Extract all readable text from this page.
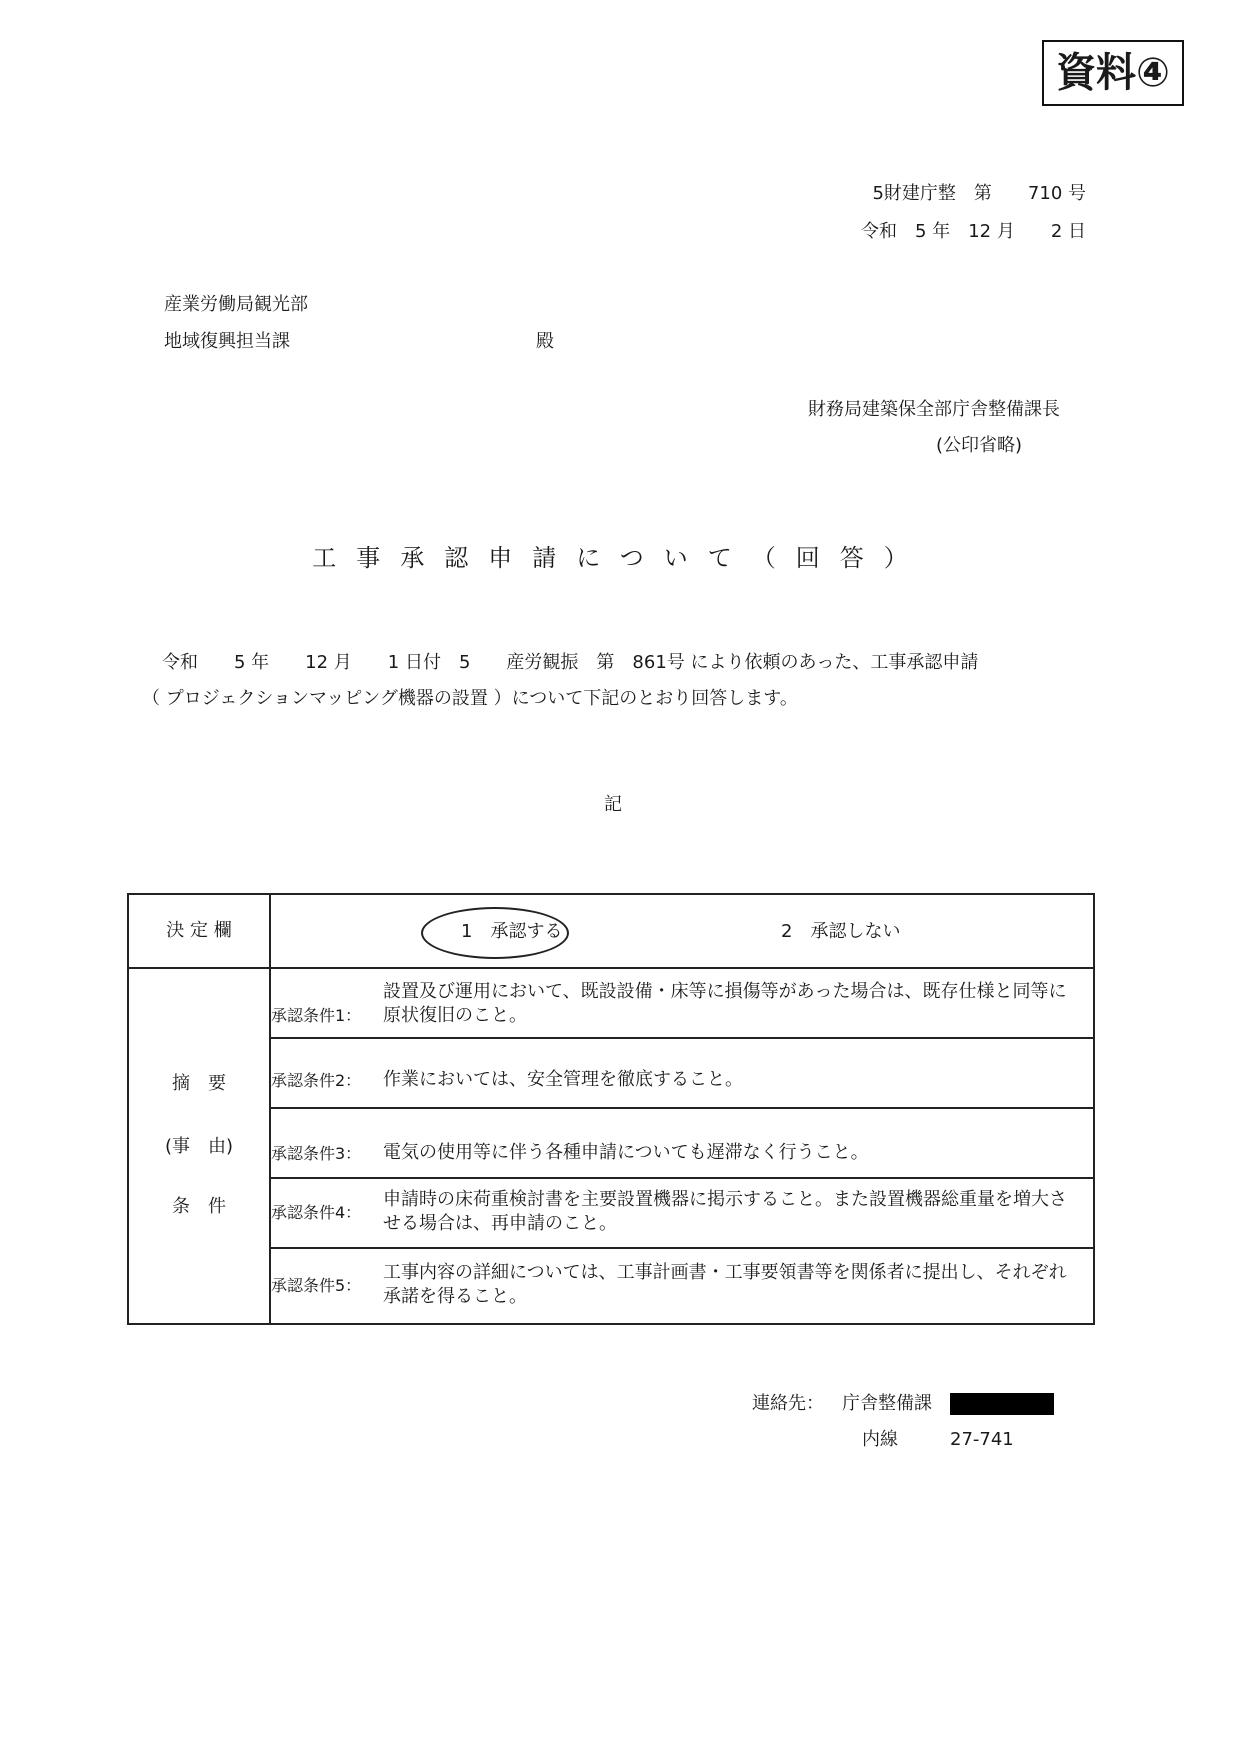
資料④
5財建庁整　第　　710 号
令和　5 年　12 月　　2 日
産業労働局観光部
地域復興担当課	殿
財務局建築保全部庁舎整備課長
(公印省略)
工事承認申請について（回答）
令和　　5 年　　12 月　　1 日付　5　　産労観振　第　861号 により依頼のあった、工事承認申請
（ プロジェクションマッピング機器の設置 ）について下記のとおり回答します。
記
決 定 欄	1　承認する	2　承認しない
摘　要
(事　由)
条　件
承認条件1：
設置及び運用において、既設設備・床等に損傷等があった場合は、既存仕様と同等に原状復旧のこと。
承認条件2： 作業においては、安全管理を徹底すること。
承認条件3： 電気の使用等に伴う各種申請についても遅滞なく行うこと。
承認条件4：
申請時の床荷重検討書を主要設置機器に掲示すること。また設置機器総重量を増大させる場合は、再申請のこと。
承認条件5：
工事内容の詳細については、工事計画書・工事要領書等を関係者に提出し、それぞれ承諾を得ること。
連絡先： 庁舎整備課
内線	27-741
